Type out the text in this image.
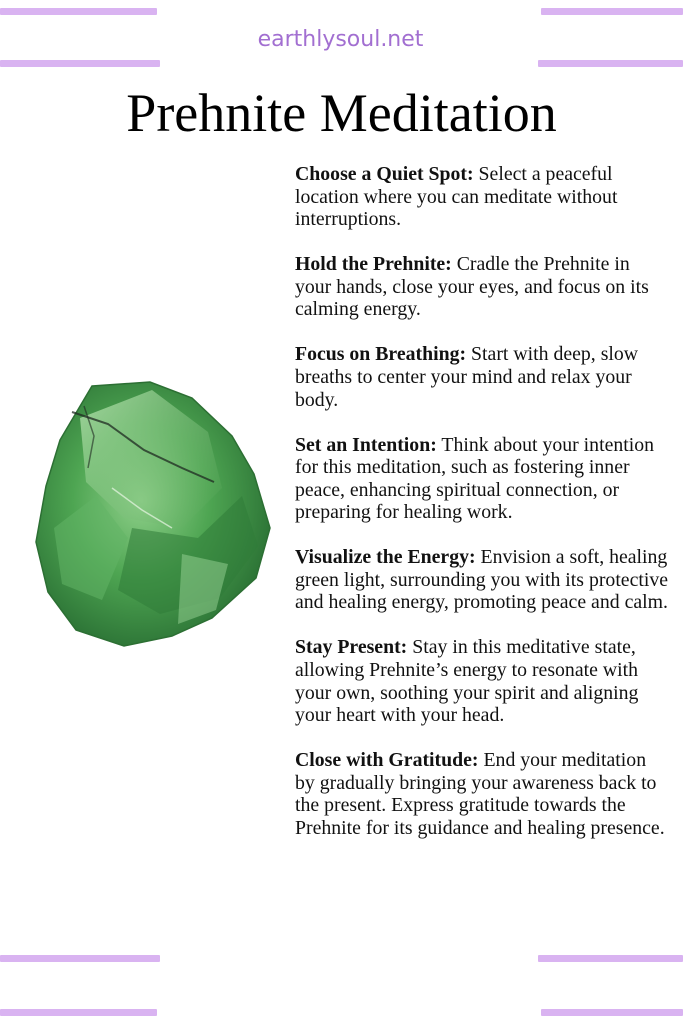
earthlysoul.net
Prehnite Meditation

Choose a Quiet Spot: Select a peaceful location where you can meditate without interruptions.

Hold the Prehnite: Cradle the Prehnite in your hands, close your eyes, and focus on its calming energy.

Focus on Breathing: Start with deep, slow breaths to center your mind and relax your body.

Set an Intention: Think about your intention for this meditation, such as fostering inner peace, enhancing spiritual connection, or preparing for healing work.

Visualize the Energy: Envision a soft, healing green light, surrounding you with its protective and healing energy, promoting peace and calm.

Stay Present: Stay in this meditative state, allowing Prehnite’s energy to resonate with your own, soothing your spirit and aligning your heart with your head.

Close with Gratitude: End your meditation by gradually bringing your awareness back to the present. Express gratitude towards the Prehnite for its guidance and healing presence.
